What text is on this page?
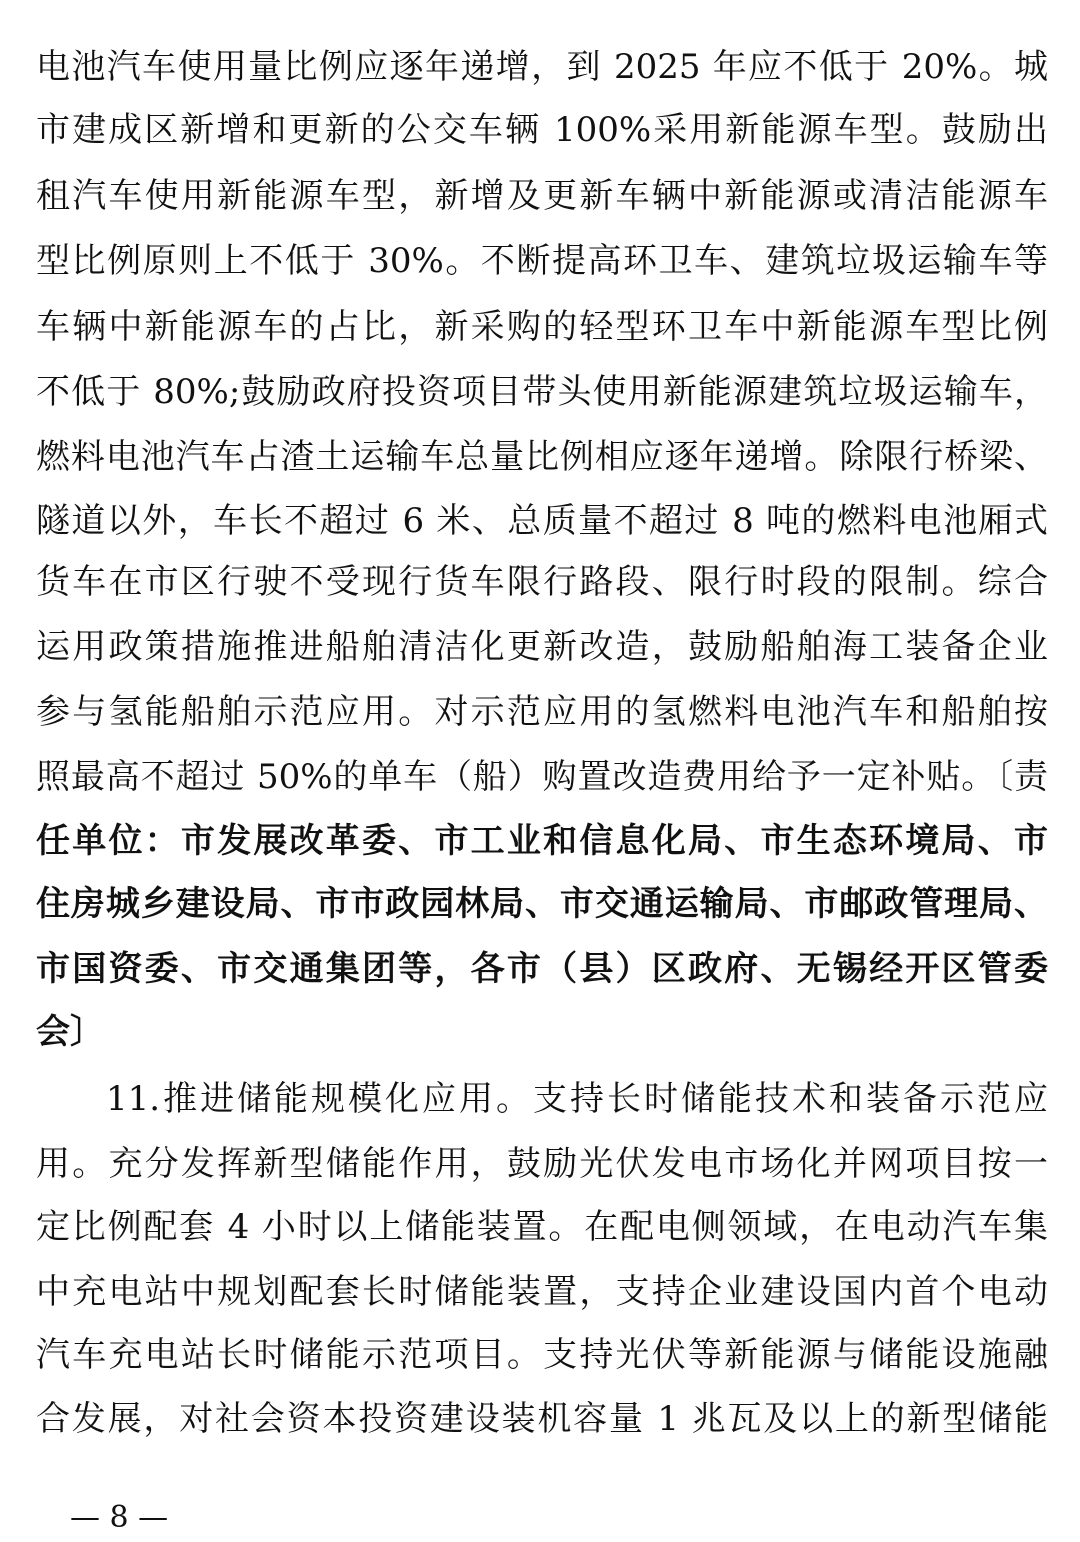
电池汽车使用量比例应逐年递增，到 2025 年应不低于 20%。城
市建成区新增和更新的公交车辆 100%采用新能源车型。鼓励出
租汽车使用新能源车型，新增及更新车辆中新能源或清洁能源车
型比例原则上不低于 30%。不断提高环卫车、建筑垃圾运输车等
车辆中新能源车的占比，新采购的轻型环卫车中新能源车型比例
不低于 80%;鼓励政府投资项目带头使用新能源建筑垃圾运输车，
燃料电池汽车占渣土运输车总量比例相应逐年递增。除限行桥梁、
隧道以外，车长不超过 6 米、总质量不超过 8 吨的燃料电池厢式
货车在市区行驶不受现行货车限行路段、限行时段的限制。综合
运用政策措施推进船舶清洁化更新改造，鼓励船舶海工装备企业
参与氢能船舶示范应用。对示范应用的氢燃料电池汽车和船舶按
照最高不超过 50%的单车（船）购置改造费用给予一定补贴。〔责
任单位：市发展改革委、市工业和信息化局、市生态环境局、市
住房城乡建设局、市市政园林局、市交通运输局、市邮政管理局、
市国资委、市交通集团等，各市（县）区政府、无锡经开区管委
会〕
11.推进储能规模化应用。支持长时储能技术和装备示范应
用。充分发挥新型储能作用，鼓励光伏发电市场化并网项目按一
定比例配套 4 小时以上储能装置。在配电侧领域，在电动汽车集
中充电站中规划配套长时储能装置，支持企业建设国内首个电动
汽车充电站长时储能示范项目。支持光伏等新能源与储能设施融
合发展，对社会资本投资建设装机容量 1 兆瓦及以上的新型储能
— 8 —
